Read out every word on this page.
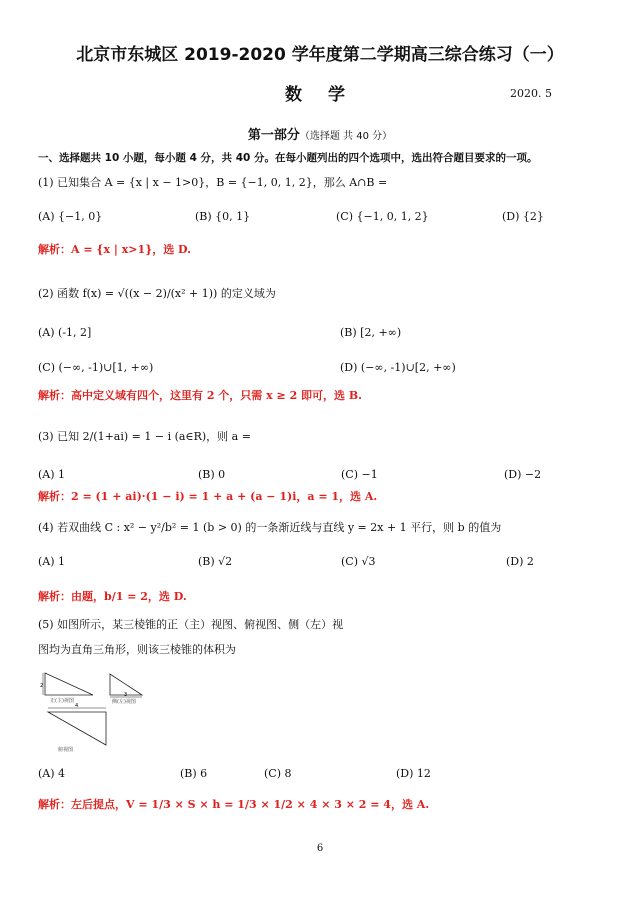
北京市东城区 2019-2020 学年度第二学期高三综合练习（一）
数 学	2020. 5
第一部分（选择题 共 40 分）
一、选择题共 10 小题，每小题 4 分，共 40 分。在每小题列出的四个选项中，选出符合题目要求的一项。
(1) 已知集合 A = {x | x − 1>0}，B = {−1, 0, 1, 2}，那么 A∩B =
(A) {−1, 0}	(B) {0, 1}	(C) {−1, 0, 1, 2}	(D) {2}
解析：A = {x | x>1}，选 D.
(2) 函数 f(x) = √((x − 2)/(x² + 1)) 的定义域为
(A) (-1, 2]	(B) [2, +∞)
(C) (−∞, -1)∪[1, +∞)	(D) (−∞, -1)∪[2, +∞)
解析：高中定义域有四个，这里有 2 个，只需 x ≥ 2 即可，选 B.
(3) 已知 2/(1+ai) = 1 − i (a∈R)，则 a =
(A) 1	(B) 0	(C) −1	(D) −2
解析：2 = (1 + ai)·(1 − i) = 1 + a + (a − 1)i，a = 1，选 A.
(4) 若双曲线 C : x² − y²/b² = 1 (b > 0) 的一条渐近线与直线 y = 2x + 1 平行，则 b 的值为
(A) 1	(B) √2	(C) √3	(D) 2
解析：由题，b/1 = 2，选 D.
(5) 如图所示，某三棱锥的正（主）视图、俯视图、侧（左）视
图均为直角三角形，则该三棱锥的体积为
2
正(主)视图
3
侧(左)视图
4
俯视图
(A) 4	(B) 6	(C) 8	(D) 12
解析：左后提点，V = 1/3 × S × h = 1/3 × 1/2 × 4 × 3 × 2 = 4，选 A.
6
